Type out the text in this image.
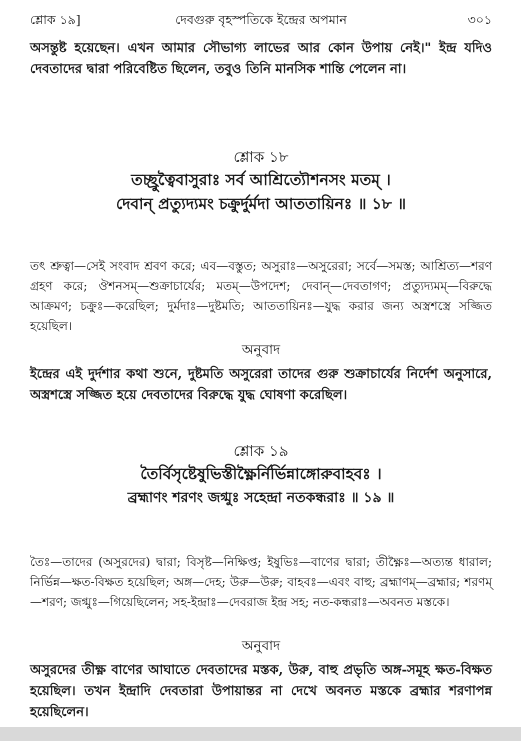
শ্লোক ১৯]	দেবগুরু বৃহস্পতিকে ইন্দ্রের অপমান	৩০১

অসন্তুষ্ট হয়েছেন। এখন আমার সৌভাগ্য লাভের আর কোন উপায় নেই।" ইন্দ্র যদিও দেবতাদের দ্বারা পরিবেষ্টিত ছিলেন, তবুও তিনি মানসিক শান্তি পেলেন না।

শ্লোক ১৮

তচ্ছ্রুত্বৈবাসুরাঃ সর্ব আশ্রিত্যৌশনসং মতম্ ।

দেবান্ প্রত্যুদ্যমং চক্রুর্দুর্মদা আততায়িনঃ ॥ ১৮ ॥

তৎ শ্রুত্বা—সেই সংবাদ শ্রবণ করে; এব—বস্তুত; অসুরাঃ—অসুরেরা; সর্বে—সমস্ত; আশ্রিত্য—শরণ গ্রহণ করে; ঔশনসম্—শুক্রাচার্যের; মতম্—উপদেশ; দেবান্—দেবতাগণ; প্রত্যুদ্যমম্—বিরুদ্ধে আক্রমণ; চক্রুঃ—করেছিল; দুর্মদাঃ—দুষ্টমতি; আততায়িনঃ—যুদ্ধ করার জন্য অস্ত্রশস্ত্রে সজ্জিত হয়েছিল।

অনুবাদ

ইন্দ্রের এই দুর্দশার কথা শুনে, দুষ্টমতি অসুরেরা তাদের গুরু শুক্রাচার্যের নির্দেশ অনুসারে, অস্ত্রশস্ত্রে সজ্জিত হয়ে দেবতাদের বিরুদ্ধে যুদ্ধ ঘোষণা করেছিল।

শ্লোক ১৯

তৈর্বিসৃষ্টেষুভিস্তীক্ষ্ণৈর্নির্ভিন্নাঙ্গোরুবাহবঃ ।

ব্রহ্মাণং শরণং জগ্মুঃ সহেন্দ্রা নতকন্ধরাঃ ॥ ১৯ ॥

তৈঃ—তাদের (অসুরদের) দ্বারা; বিসৃষ্ট—নিক্ষিপ্ত; ইষুভিঃ—বাণের দ্বারা; তীক্ষ্ণৈঃ—অত্যন্ত ধারাল; নির্ভিন্ন—ক্ষত-বিক্ষত হয়েছিল; অঙ্গ—দেহ; উরু—উরু; বাহবঃ—এবং বাহু; ব্রহ্মাণম্—ব্রহ্মার; শরণম্—শরণ; জগ্মুঃ—গিয়েছিলেন; সহ-ইন্দ্রাঃ—দেবরাজ ইন্দ্র সহ; নত-কন্ধরাঃ—অবনত মস্তকে।

অনুবাদ

অসুরদের তীক্ষ্ণ বাণের আঘাতে দেবতাদের মস্তক, উরু, বাহু প্রভৃতি অঙ্গ-সমূহ ক্ষত-বিক্ষত হয়েছিল। তখন ইন্দ্রাদি দেবতারা উপায়ান্তর না দেখে অবনত মস্তকে ব্রহ্মার শরণাপন্ন হয়েছিলেন।
